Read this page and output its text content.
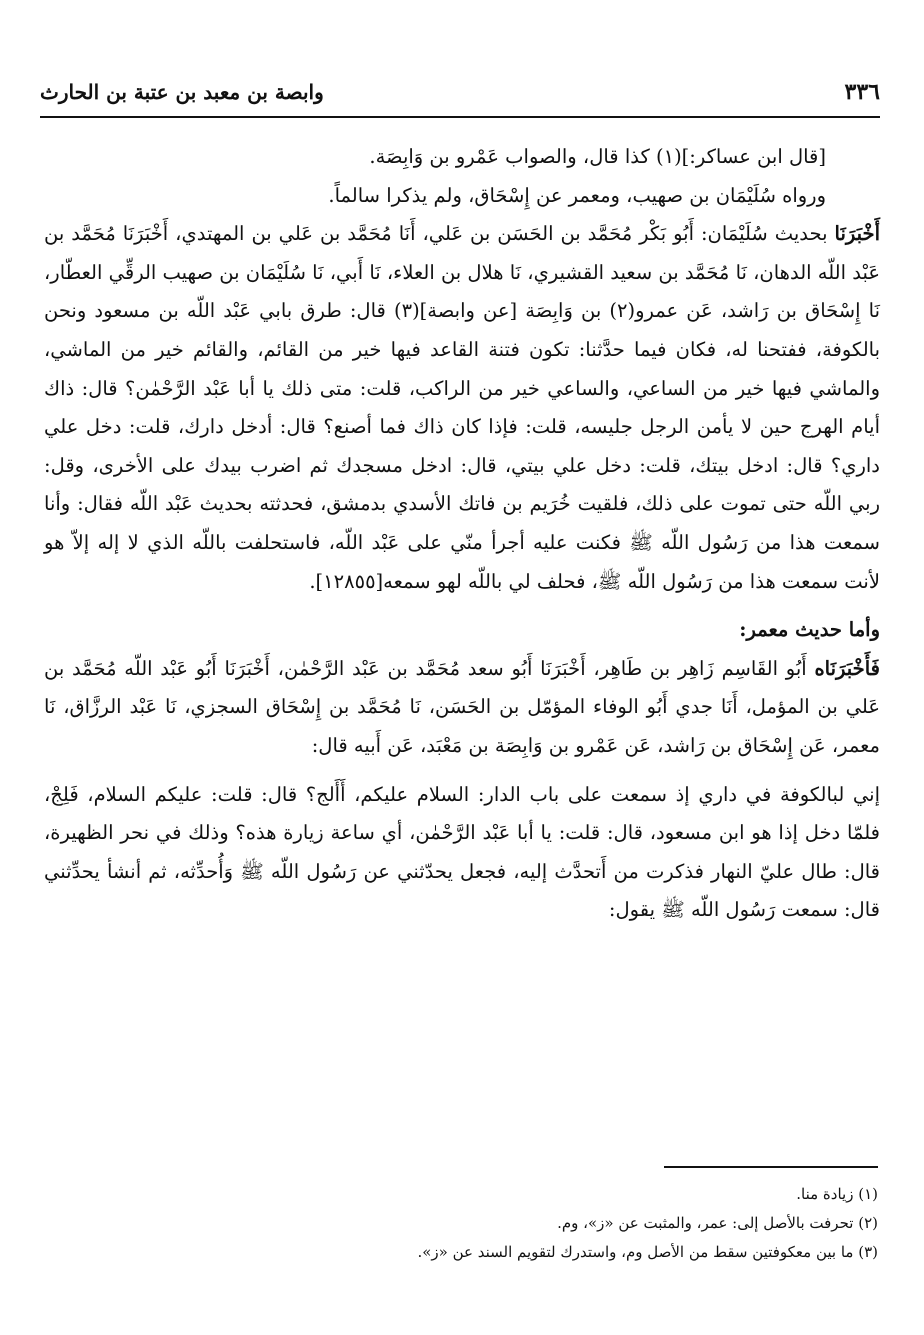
٣٣٦
وابصة بن معبد بن عتبة بن الحارث

[قال ابن عساكر:](١) كذا قال، والصواب عَمْرو بن وَابِصَة.

ورواه سُلَيْمَان بن صهيب، ومعمر عن إِسْحَاق، ولم يذكرا سالماً.

أَخْبَرَنَا بحديث سُلَيْمَان: أَبُو بَكْر مُحَمَّد بن الحَسَن بن عَلي، أَنَا مُحَمَّد بن عَلي بن المهتدي، أَخْبَرَنَا مُحَمَّد بن عَبْد اللّه الدهان، نَا مُحَمَّد بن سعيد القشيري، نَا هلال بن العلاء، نَا أَبي، نَا سُلَيْمَان بن صهيب الرقِّي العطّار، نَا إِسْحَاق بن رَاشد، عَن عمرو(٢) بن وَابِصَة [عن وابصة](٣) قال: طرق بابي عَبْد اللّه بن مسعود ونحن بالكوفة، ففتحنا له، فكان فيما حدَّثنا: تكون فتنة القاعد فيها خير من القائم، والقائم خير من الماشي، والماشي فيها خير من الساعي، والساعي خير من الراكب، قلت: متى ذلك يا أبا عَبْد الرَّحْمٰن؟ قال: ذاك أيام الهرج حين لا يأمن الرجل جليسه، قلت: فإذا كان ذاك فما أصنع؟ قال: أدخل دارك، قلت: دخل علي داري؟ قال: ادخل بيتك، قلت: دخل علي بيتي، قال: ادخل مسجدك ثم اضرب بيدك على الأخرى، وقل: ربي اللّه حتى تموت على ذلك، فلقيت خُرَيم بن فاتك الأسدي بدمشق، فحدثته بحديث عَبْد اللّه فقال: وأنا سمعت هذا من رَسُول اللّه ﷺ فكنت عليه أجرأ منّي على عَبْد اللّه، فاستحلفت باللّه الذي لا إله إلاّ هو لأنت سمعت هذا من رَسُول اللّه ﷺ، فحلف لي باللّه لهو سمعه[١٢٨٥٥].

وأما حديث معمر:

فَأَخْبَرَنَاه أَبُو القَاسِم زَاهِر بن طَاهِر، أَخْبَرَنَا أَبُو سعد مُحَمَّد بن عَبْد الرَّحْمٰن، أَخْبَرَنَا أَبُو عَبْد اللّه مُحَمَّد بن عَلي بن المؤمل، أَنَا جدي أَبُو الوفاء المؤمّل بن الحَسَن، نَا مُحَمَّد بن إِسْحَاق السجزي، نَا عَبْد الرزَّاق، نَا معمر، عَن إِسْحَاق بن رَاشد، عَن عَمْرو بن وَابِصَة بن مَعْبَد، عَن أَبيه قال:

إني لبالكوفة في داري إذ سمعت على باب الدار: السلام عليكم، أَأَلج؟ قال: قلت: عليكم السلام، فَلِجْ، فلمّا دخل إذا هو ابن مسعود، قال: قلت: يا أبا عَبْد الرَّحْمٰن، أي ساعة زيارة هذه؟ وذلك في نحر الظهيرة، قال: طال عليّ النهار فذكرت من أَتحدَّث إليه، فجعل يحدّثني عن رَسُول اللّه ﷺ وَأُحدِّثه، ثم أنشأ يحدِّثني قال: سمعت رَسُول اللّه ﷺ يقول:

(١) زيادة منا.

(٢) تحرفت بالأصل إلى: عمر، والمثبت عن «ز»، وم.

(٣) ما بين معكوفتين سقط من الأصل وم، واستدرك لتقويم السند عن «ز».
